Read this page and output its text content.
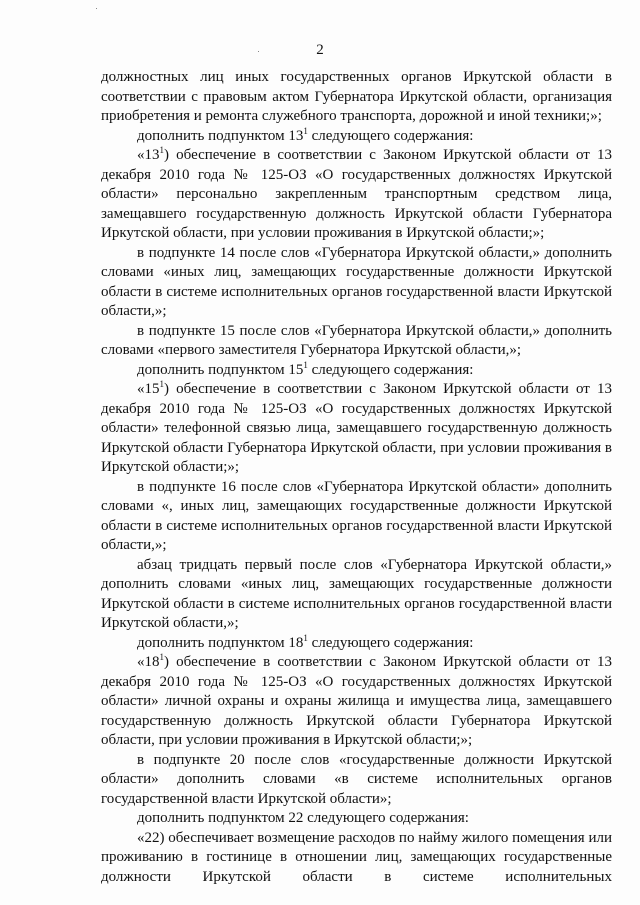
2

должностных лиц иных государственных органов Иркутской области в соответствии с правовым актом Губернатора Иркутской области, организация приобретения и ремонта служебного транспорта, дорожной и иной техники;»;

дополнить подпунктом $13^1$ следующего содержания:

«$13^1$) обеспечение в соответствии с Законом Иркутской области от 13 декабря 2010 года № 125-ОЗ «О государственных должностях Иркутской области» персонально закрепленным транспортным средством лица, замещавшего государственную должность Иркутской области Губернатора Иркутской области, при условии проживания в Иркутской области;»;

в подпункте 14 после слов «Губернатора Иркутской области,» дополнить словами «иных лиц, замещающих государственные должности Иркутской области в системе исполнительных органов государственной власти Иркутской области,»;

в подпункте 15 после слов «Губернатора Иркутской области,» дополнить словами «первого заместителя Губернатора Иркутской области,»;

дополнить подпунктом $15^1$ следующего содержания:

«$15^1$) обеспечение в соответствии с Законом Иркутской области от 13 декабря 2010 года № 125-ОЗ «О государственных должностях Иркутской области» телефонной связью лица, замещавшего государственную должность Иркутской области Губернатора Иркутской области, при условии проживания в Иркутской области;»;

в подпункте 16 после слов «Губернатора Иркутской области» дополнить словами «, иных лиц, замещающих государственные должности Иркутской области в системе исполнительных органов государственной власти Иркутской области,»;

абзац тридцать первый после слов «Губернатора Иркутской области,» дополнить словами «иных лиц, замещающих государственные должности Иркутской области в системе исполнительных органов государственной власти Иркутской области,»;

дополнить подпунктом $18^1$ следующего содержания:

«$18^1$) обеспечение в соответствии с Законом Иркутской области от 13 декабря 2010 года № 125-ОЗ «О государственных должностях Иркутской области» личной охраны и охраны жилища и имущества лица, замещавшего государственную должность Иркутской области Губернатора Иркутской области, при условии проживания в Иркутской области;»;

в подпункте 20 после слов «государственные должности Иркутской области» дополнить словами «в системе исполнительных органов государственной власти Иркутской области»;

дополнить подпунктом 22 следующего содержания:

«22) обеспечивает возмещение расходов по найму жилого помещения или проживанию в гостинице в отношении лиц, замещающих государственные должности Иркутской области в системе исполнительных
